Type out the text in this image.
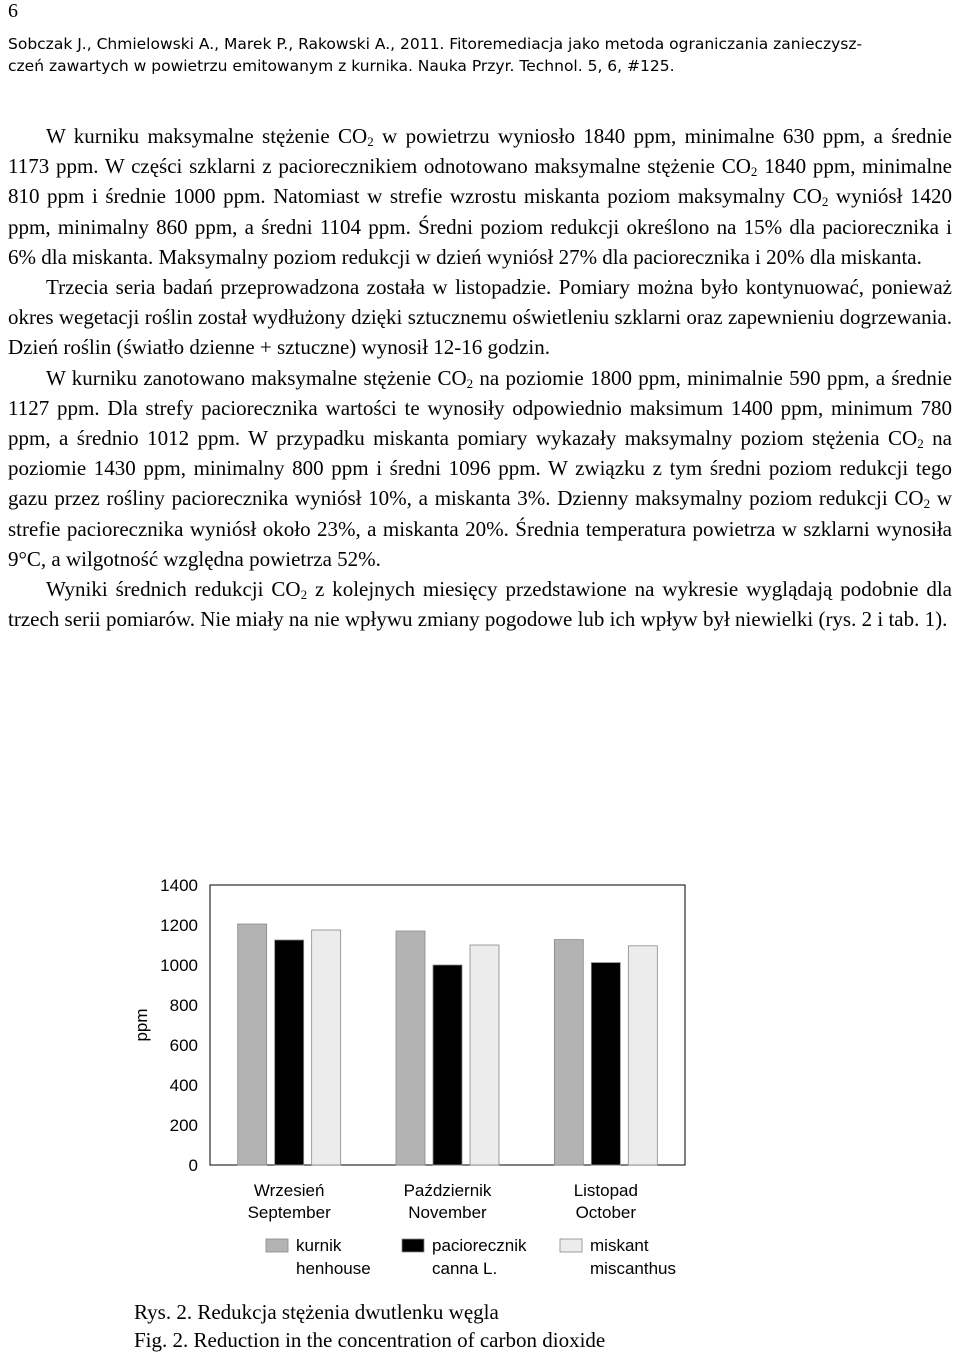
6
Sobczak J., Chmielowski A., Marek P., Rakowski A., 2011. Fitoremediacja jako metoda ograniczania zanieczysz-
czeń zawartych w powietrzu emitowanym z kurnika. Nauka Przyr. Technol. 5, 6, #125.

W kurniku maksymalne stężenie $CO_2$ w powietrzu wyniosło 1840 ppm, minimalne 630 ppm, a średnie 1173 ppm. W części szklarni z paciorecznikiem odnotowano maksymalne stężenie $CO_2$ 1840 ppm, minimalne 810 ppm i średnie 1000 ppm. Natomiast w strefie wzrostu miskanta poziom maksymalny $CO_2$ wyniósł 1420 ppm, minimalny 860 ppm, a średni 1104 ppm. Średni poziom redukcji określono na 15% dla paciorecznika i 6% dla miskanta. Maksymalny poziom redukcji w dzień wyniósł 27% dla paciorecznika i 20% dla miskanta.

Trzecia seria badań przeprowadzona została w listopadzie. Pomiary można było kontynuować, ponieważ okres wegetacji roślin został wydłużony dzięki sztucznemu oświetleniu szklarni oraz zapewnieniu dogrzewania. Dzień roślin (światło dzienne + sztuczne) wynosił 12-16 godzin.

W kurniku zanotowano maksymalne stężenie $CO_2$ na poziomie 1800 ppm, minimalnie 590 ppm, a średnie 1127 ppm. Dla strefy paciorecznika wartości te wynosiły odpowiednio maksimum 1400 ppm, minimum 780 ppm, a średnio 1012 ppm. W przypadku miskanta pomiary wykazały maksymalny poziom stężenia $CO_2$ na poziomie 1430 ppm, minimalny 800 ppm i średni 1096 ppm. W związku z tym średni poziom redukcji tego gazu przez rośliny paciorecznika wyniósł 10%, a miskanta 3%. Dzienny maksymalny poziom redukcji $CO_2$ w strefie paciorecznika wyniósł około 23%, a miskanta 20%. Średnia temperatura powietrza w szklarni wynosiła 9°C, a wilgotność względna powietrza 52%.

Wyniki średnich redukcji $CO_2$ z kolejnych miesięcy przedstawione na wykresie wyglądają podobnie dla trzech serii pomiarów. Nie miały na nie wpływu zmiany pogodowe lub ich wpływ był niewielki (rys. 2 i tab. 1).

0
200
400
600
800
1000
1200
1400
ppm
Wrzesień
September
Październik
November
Listopad
October
kurnik
henhouse
paciorecznik
canna L.
miskant
miscanthus
Rys. 2. Redukcja stężenia dwutlenku węgla
Fig. 2. Reduction in the concentration of carbon dioxide
